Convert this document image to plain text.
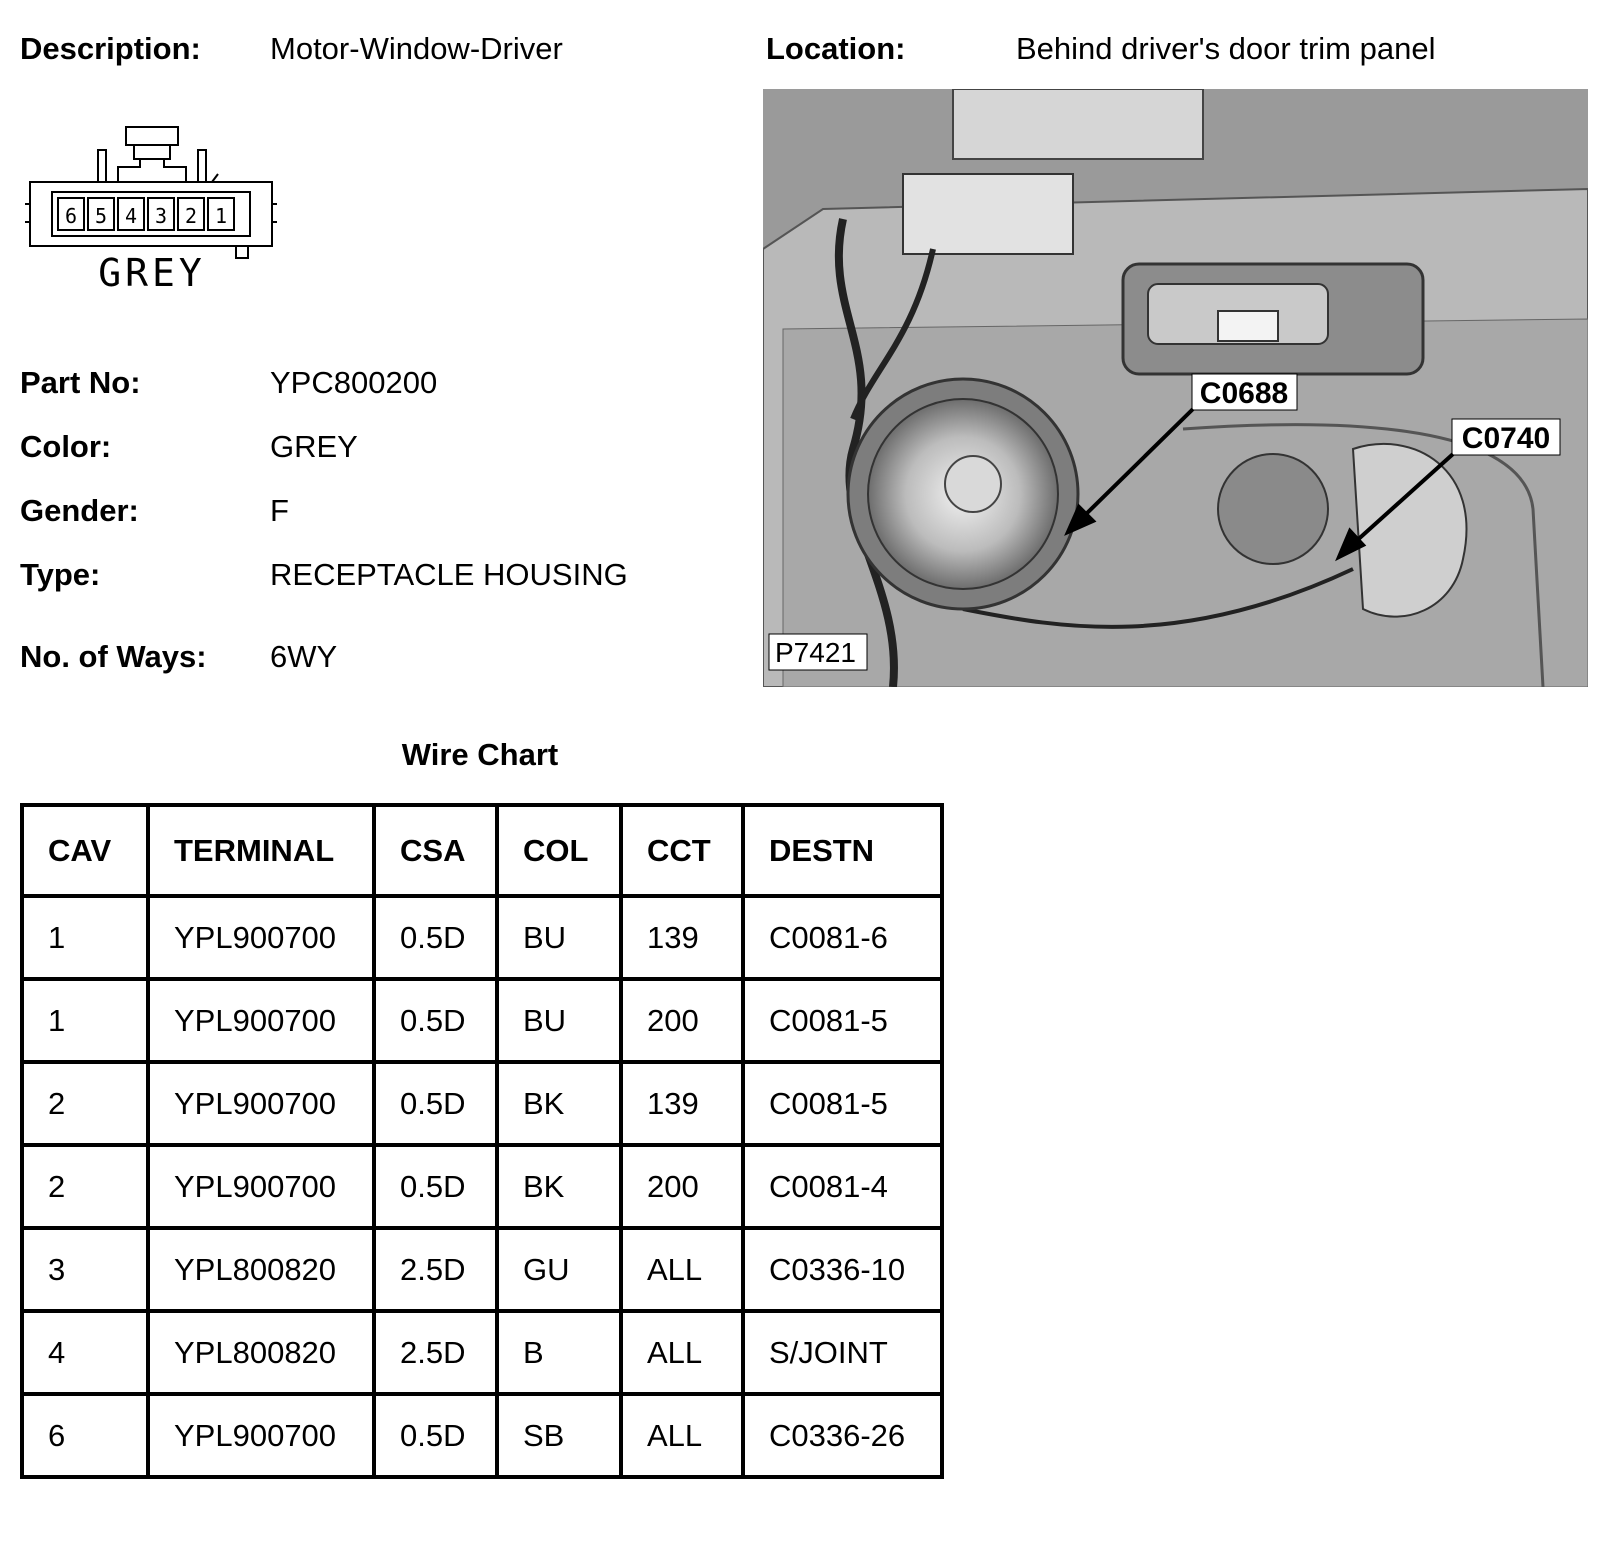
Description: Motor-Window-Driver	Location:	Behind driver's door trim panel
6 5 4 3 2 1
GREY
Part No:	YPC800200
Color:	GREY
Gender:	F
Type:	RECEPTACLE HOUSING
No. of Ways: 6WY
C0688
C0740
P7421
Wire Chart
CAV	TERMINAL	CSA	COL	CCT	DESTN
1	YPL900700	0.5D	BU	139	C0081-6
1	YPL900700	0.5D	BU	200	C0081-5
2	YPL900700	0.5D	BK	139	C0081-5
2	YPL900700	0.5D	BK	200	C0081-4
3	YPL800820	2.5D	GU	ALL	C0336-10
4	YPL800820	2.5D	B	ALL	S/JOINT
6	YPL900700	0.5D	SB	ALL	C0336-26
